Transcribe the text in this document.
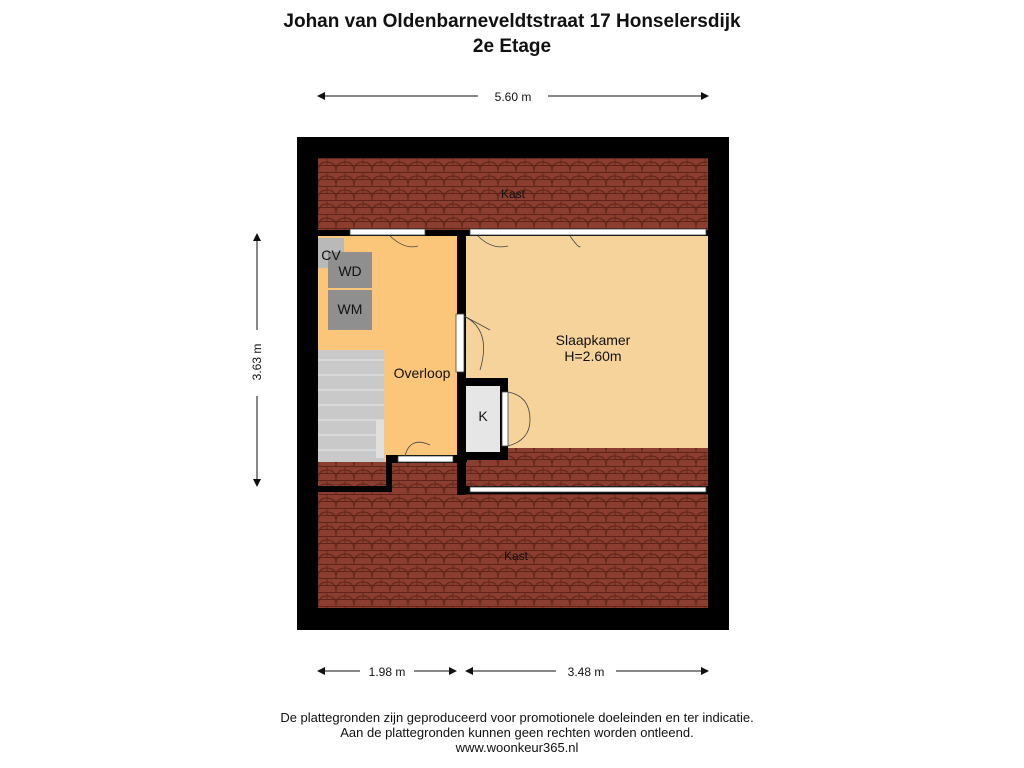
Johan van Oldenbarneveldtstraat 17 Honselersdijk
2e Etage
Kast
Kast
CV
WD
WM
Overloop
Slaapkamer
H=2.60m
K
5.60 m
3.63 m
1.98 m	3.48 m
De plattegronden zijn geproduceerd voor promotionele doeleinden en ter indicatie.
Aan de plattegronden kunnen geen rechten worden ontleend.
www.woonkeur365.nl
